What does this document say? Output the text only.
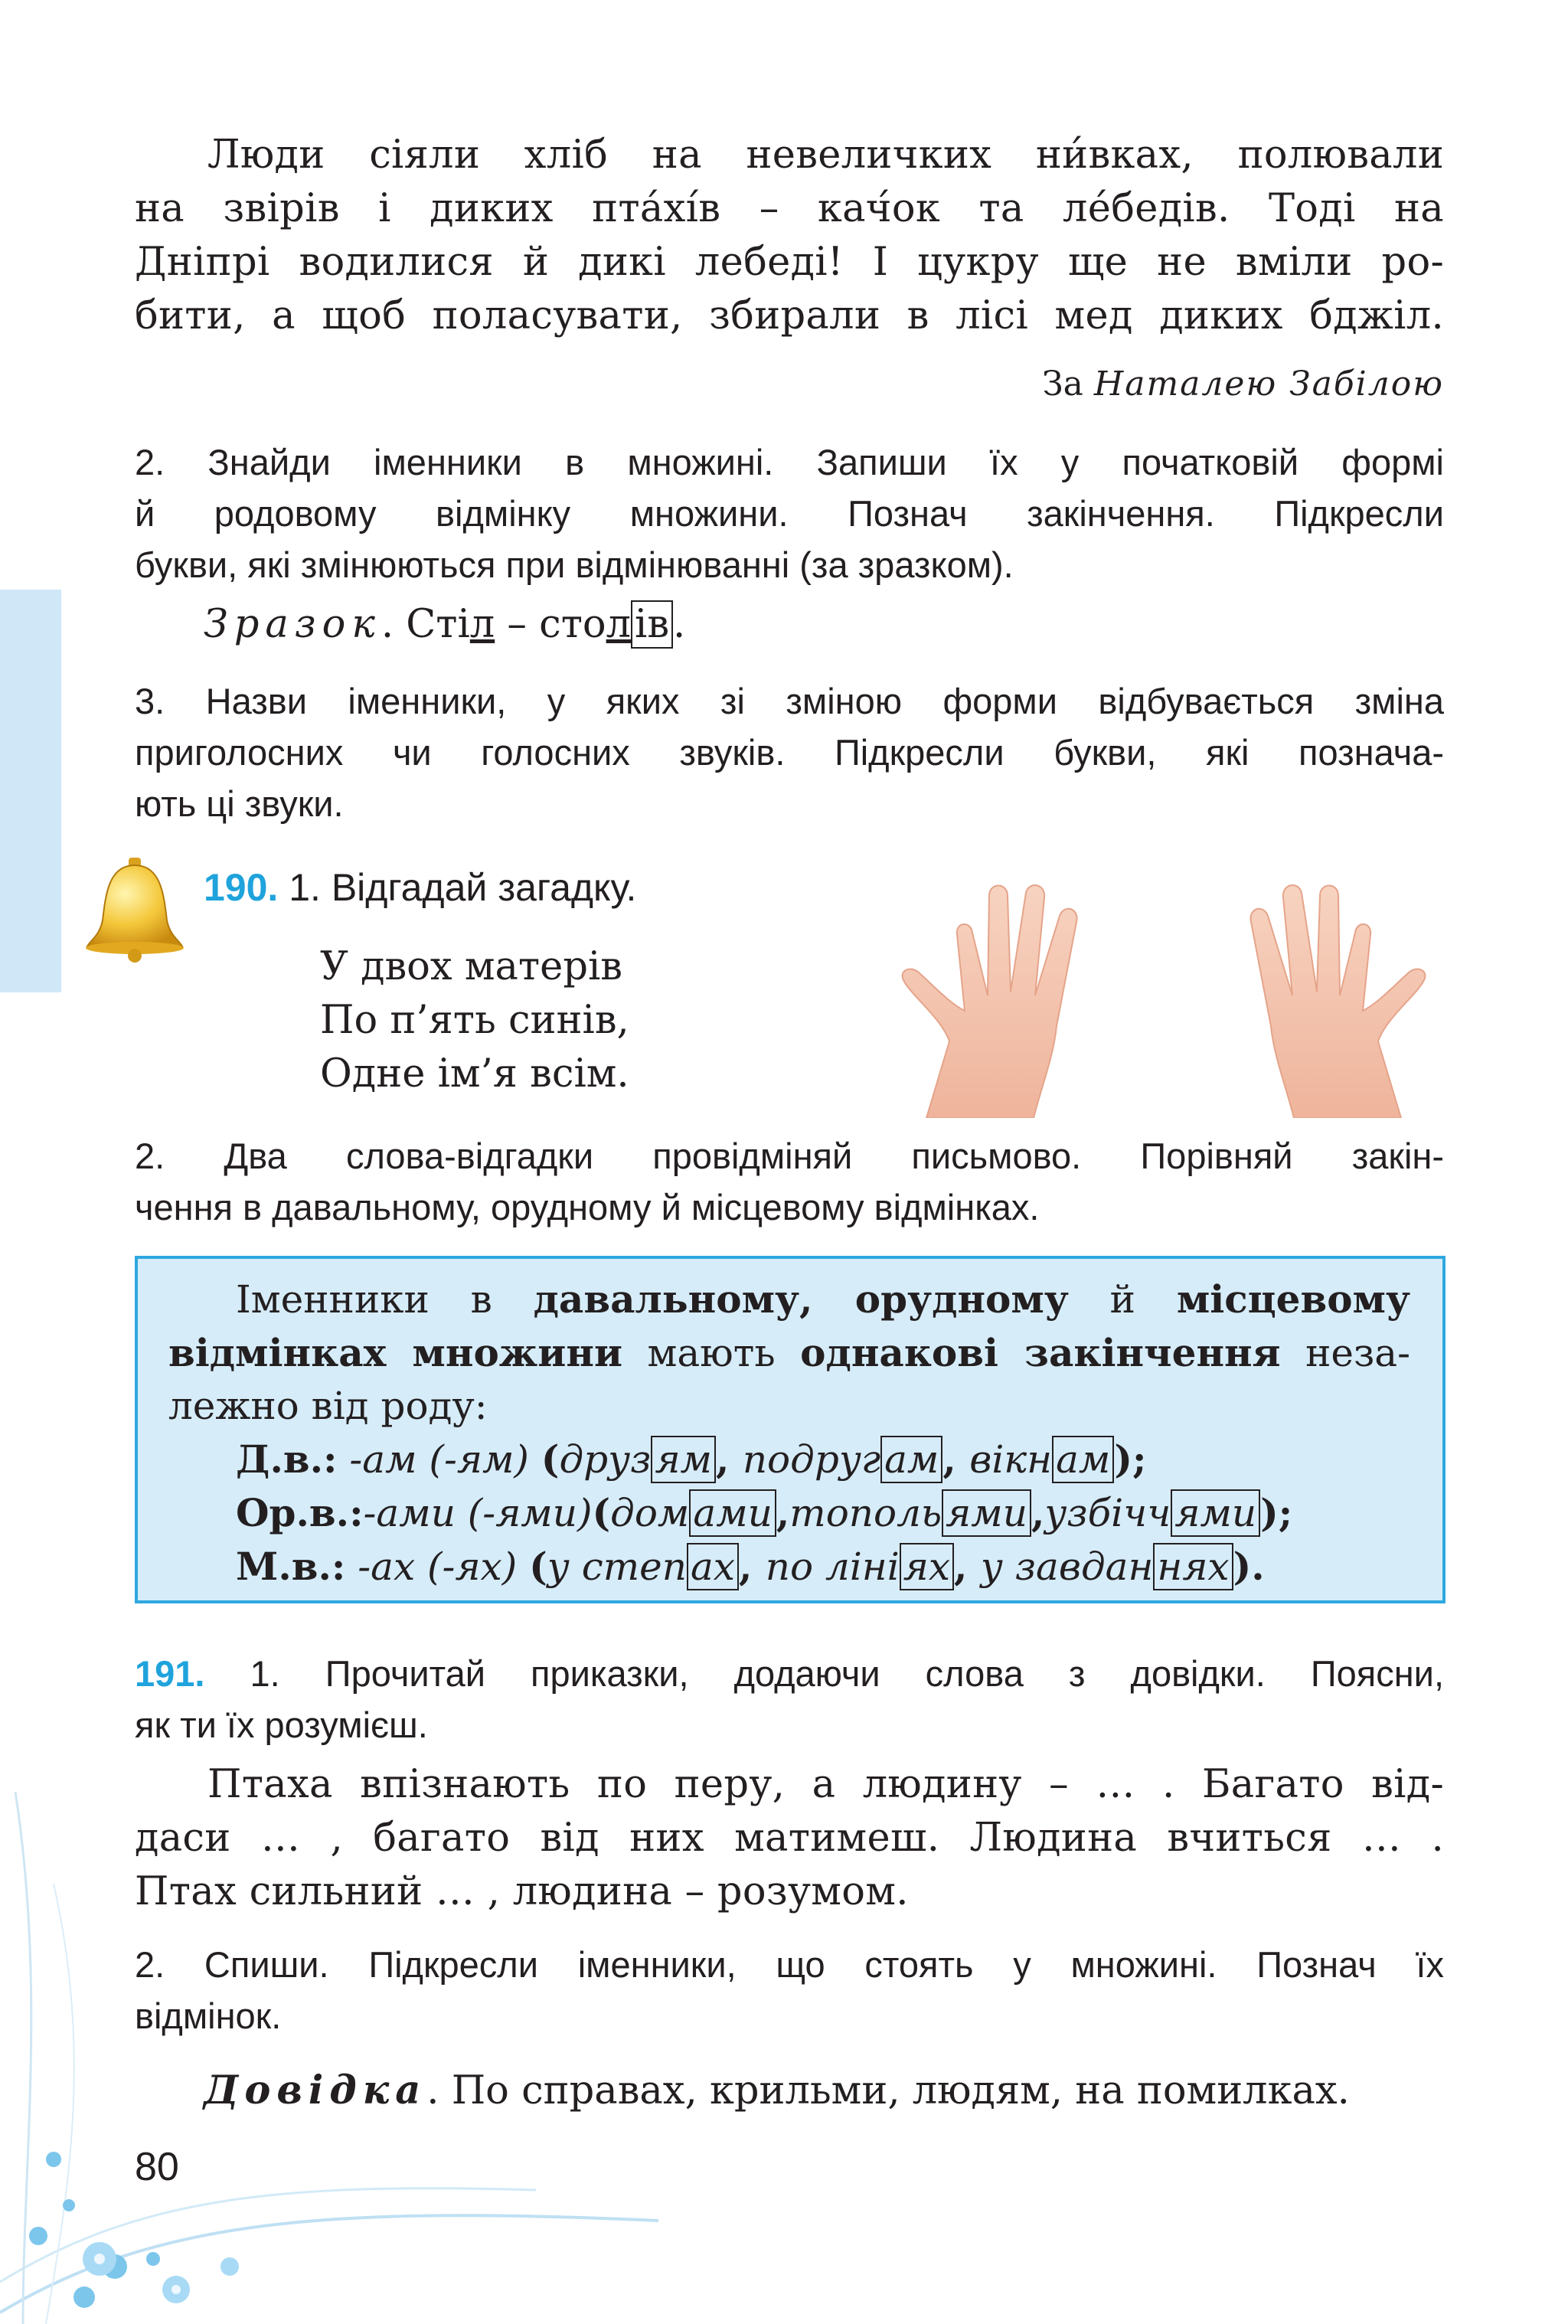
Люди сіяли хліб на невеличких ни́вках, полювали
на звірів і диких пта́хі́в – кач́ок та ле́бедів. Тоді на
Дніпрі водилися й дикі лебеді! І цукру ще не вміли ро-
бити, а щоб поласувати, збирали в лісі мед диких бджіл.
За Наталею Забілою
2. Знайди іменники в множині. Запиши їх у початковій формі
й родовому відмінку множини. Познач закінчення. Підкресли
букви, які змінюються при відмінюванні (за зразком).
Зразок. Стіл – столів.
3. Назви іменники, у яких зі зміною форми відбувається зміна
приголосних чи голосних звуків. Підкресли букви, які познача-
ють ці звуки.
190. 1. Відгадай загадку.
У двох матерів
По п’ять синів,
Одне ім’я всім.
2. Два слова-відгадки провідміняй письмово. Порівняй закін-
чення в давальному, орудному й місцевому відмінках.
Іменники в давальному, орудному й місцевому
відмінках множини мають однакові закінчення неза-
лежно від роду:
Д.в.: -ам (-ям) (друз ям , подруг ам , вікн ам );
Ор.в.:-ами (-ями)(дом ами ,тополь ями ,узбічч ями );
М.в.: -ах (-ях) (у степ ах , по ліні ях , у завдан нях ).
191. 1. Прочитай приказки, додаючи слова з довідки. Поясни,
як ти їх розумієш.
Птаха впізнають по перу, а людину – … . Багато від-
даси … , багато від них матимеш. Людина вчиться … .
Птах сильний … , людина – розумом.
2. Спиши. Підкресли іменники, що стоять у множині. Познач їх
відмінок.
Довідка. По справах, крильми, людям, на помилках.
80
